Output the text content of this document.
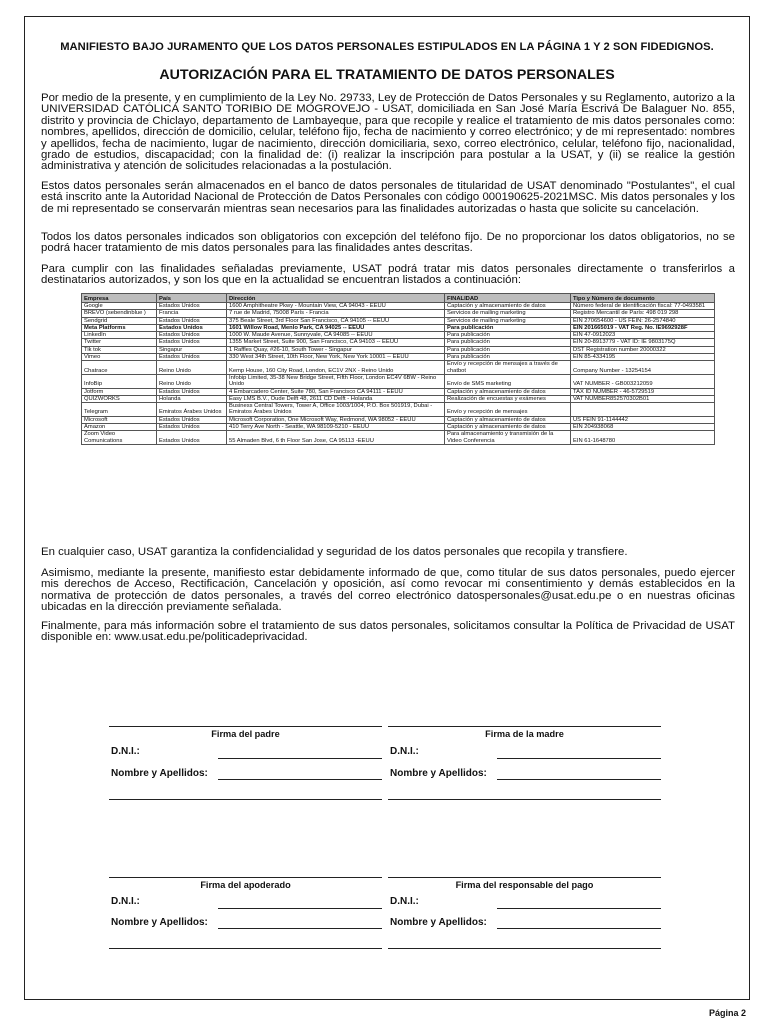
MANIFIESTO BAJO JURAMENTO QUE LOS DATOS PERSONALES ESTIPULADOS EN LA PÁGINA 1 Y 2 SON FIDEDIGNOS.
AUTORIZACIÓN PARA EL TRATAMIENTO DE DATOS PERSONALES

Por medio de la presente, y en cumplimiento de la Ley No. 29733, Ley de Protección de Datos Personales y su Reglamento, autorizo a la UNIVERSIDAD CATÓLICA SANTO TORIBIO DE MOGROVEJO - USAT, domiciliada en San José María Escrivá De Balaguer No. 855, distrito y provincia de Chiclayo, departamento de Lambayeque, para que recopile y realice el tratamiento de mis datos personales como: nombres, apellidos, dirección de domicilio, celular, teléfono fijo, fecha de nacimiento y correo electrónico; y de mi representado: nombres y apellidos, fecha de nacimiento, lugar de nacimiento, dirección domiciliaria, sexo, correo electrónico, celular, teléfono fijo, nacionalidad, grado de estudios, discapacidad; con la finalidad de: (i) realizar la inscripción para postular a la USAT, y (ii) se realice la gestión administrativa y atención de solicitudes relacionadas a la postulación.

Estos datos personales serán almacenados en el banco de datos personales de titularidad de USAT denominado "Postulantes", el cual está inscrito ante la Autoridad Nacional de Protección de Datos Personales con código 000190625-2021MSC. Mis datos personales y los de mi representado se conservarán mientras sean necesarios para las finalidades autorizadas o hasta que solicite su cancelación.

Todos los datos personales indicados son obligatorios con excepción del teléfono fijo. De no proporcionar los datos obligatorios, no se podrá hacer tratamiento de mis datos personales para las finalidades antes descritas.

Para cumplir con las finalidades señaladas previamente, USAT podrá tratar mis datos personales directamente o transferirlos a destinatarios autorizados, y son los que en la actualidad se encuentran listados a continuación:

Empresa	País	Dirección	FINALIDAD	Tipo y Número de documento
Google	Estados Unidos	1600 Amphitheatre Pkwy - Mountain View, CA 94043 - EEUU	Captación y almacenamiento de datos	Número federal de identificación fiscal: 77-0493581
BREVO (sebendinblue )	Francia	7 rue de Madrid, 75008 París - Francia	Servicios de mailing marketing	Registro Mercantil de París: 498 019 298
Sendgrid	Estados Unidos	375 Beale Street, 3rd Floor San Francisco, CA 94105 -- EEUU	Servicios de mailing marketing	EIN 270654600 - US FEIN: 26-2574840
Meta Platforms	Estados Unidos	1601 Willow Road, Menlo Park, CA 94025 -- EEUU	Para publicación	EIN 201665019 - VAT Reg. No. IE9692928F
LinkedIn	Estados Unidos	1000 W. Maude Avenue, Sunnyvale, CA 94085 -- EEUU	Para publicación	EIN 47-0912023
Twitter	Estados Unidos	1355 Market Street, Suite 900, San Francisco, CA 94103 -- EEUU	Para publicación	EIN 20-8913779 - VAT ID: IE 9803175Q
Tik tok	Singapur	1 Raffles Quay, #26-10, South Tower - Singapur	Para publicación	DST Registration number 20000322
Vimeo	Estados Unidos	330 West 34th Street, 10th Floor, New York, New York 10001 -- EEUU	Para publicación	EIN 85-4334195
Chatrace	Reino Unido	Kemp House, 160 City Road, London, EC1V 2NX - Reino Unido	Envío y recepción de mensajes a través de chatbot	Company Number - 13254154
InfoBip	Reino Unido	Infobip Limited, 35-38 New Bridge Street, Fifth Floor, London EC4V 6BW - Reino Unido	Envío de SMS marketing	VAT NUMBER - GB003212059
Jotform	Estados Unidos	4 Embarcadero Center, Suite 780, San Francisco CA 94111 - EEUU	Captación y almacenamiento de datos	TAX ID NUMBER - 46-5729519
QUIZWORKS	Holanda	Easy LMS B.V., Oude Delft 48, 2611 CD Delft - Holanda	Realización de encuestas y exámenes	VAT NUMBER852570302B01
Telegram	Emiratos Árabes Unidos	Business Central Towers, Tower A, Office 1003/1004, P.O. Box 501919, Dubai - Emiratos Árabes Unidos	Envío y recepción de mensajes	
Microsoft	Estados Unidos	Microsoft Corporation, One Microsoft Way, Redmond, WA 98052 - EEUU	Captación y almacenamiento de datos	US FEIN 91-1144442
Amazon	Estados Unidos	410 Terry Ave North - Seattle, WA 98109-5210 - EEUU	Captación y almacenamiento de datos	EIN 204938068
Zoom Video Comunications	Estados Unidos	55 Almaden Blvd, 6 th Floor San Jose, CA 95113 -EEUU	Para almacenamiento y transmisión de la Video Conferencia	EIN 61-1648780

En cualquier caso, USAT garantiza la confidencialidad y seguridad de los datos personales que recopila y transfiere.

Asimismo, mediante la presente, manifiesto estar debidamente informado de que, como titular de sus datos personales, puedo ejercer mis derechos de Acceso, Rectificación, Cancelación y oposición, así como revocar mi consentimiento y demás establecidos en la normativa de protección de datos personales, a través del correo electrónico datospersonales@usat.edu.pe o en nuestras oficinas ubicadas en la dirección previamente señalada.

Finalmente, para más información sobre el tratamiento de sus datos personales, solicitamos consultar la Política de Privacidad de USAT disponible en: www.usat.edu.pe/politicadeprivacidad.

Firma del padre	Firma de la madre
D.N.I.:	D.N.I.:
Nombre y Apellidos:	Nombre y Apellidos:
Firma del apoderado	Firma del responsable del pago
D.N.I.:	D.N.I.:
Nombre y Apellidos:	Nombre y Apellidos:
Página 2
